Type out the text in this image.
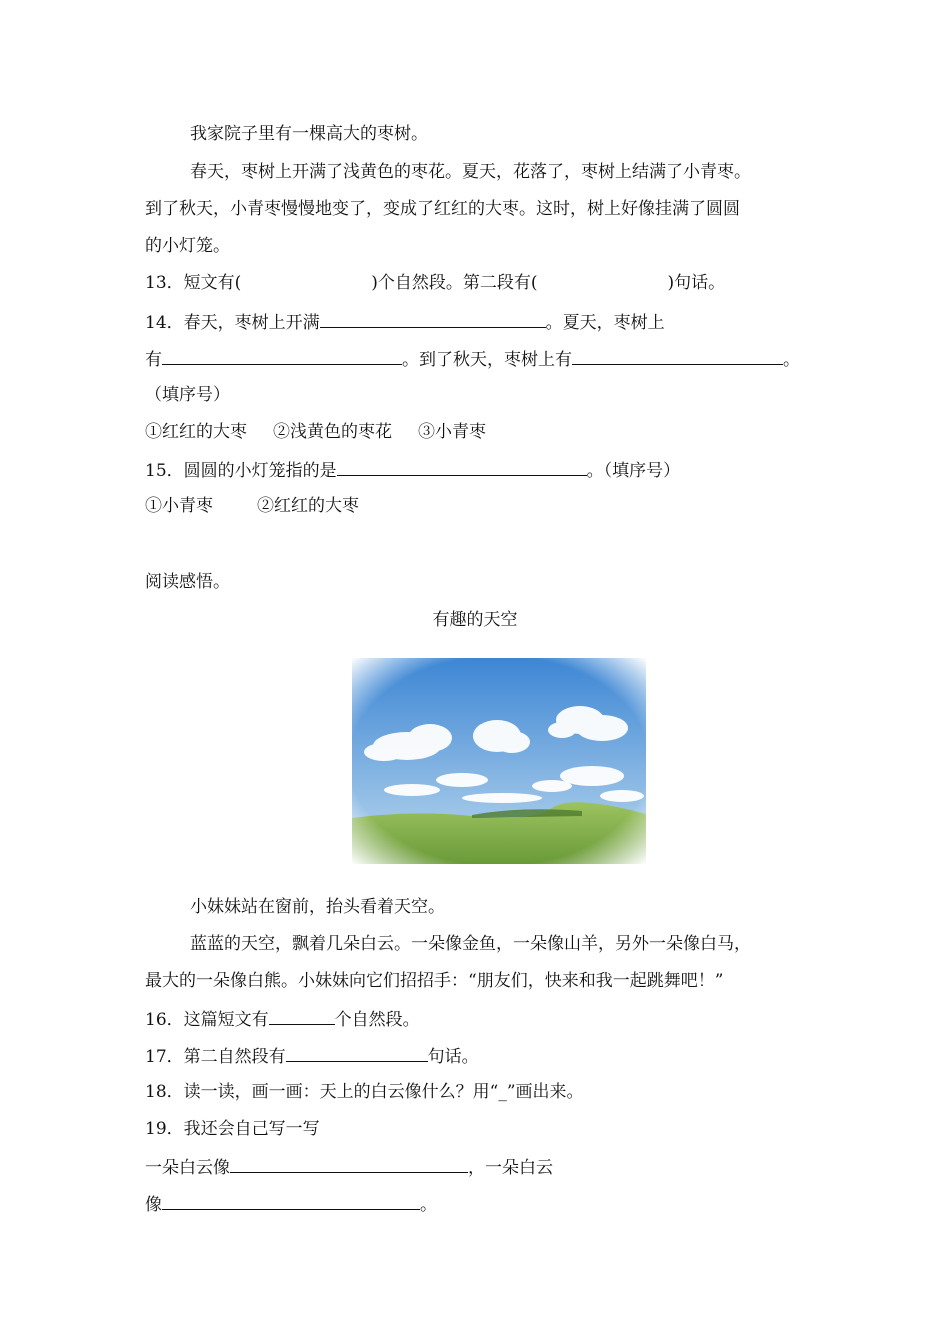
我家院子里有一棵高大的枣树。
春天，枣树上开满了浅黄色的枣花。夏天，花落了，枣树上结满了小青枣。
到了秋天，小青枣慢慢地变了，变成了红红的大枣。这时，树上好像挂满了圆圆
的小灯笼。
13．短文有(	)个自然段。第二段有(	)句话。
14．春天，枣树上开满	。夏天，枣树上
有	。到了秋天，枣树上有	。
（填序号）
①红红的大枣 ②浅黄色的枣花 ③小青枣
15．圆圆的小灯笼指的是	。（填序号）
①小青枣	②红红的大枣
阅读感悟。
有趣的天空
小妹妹站在窗前，抬头看着天空。
蓝蓝的天空，飘着几朵白云。一朵像金鱼，一朵像山羊，另外一朵像白马，
最大的一朵像白熊。小妹妹向它们招招手：“朋友们，快来和我一起跳舞吧！”
16．这篇短文有	个自然段。
17．第二自然段有	句话。
18．读一读，画一画：天上的白云像什么？用“_”画出来。
19．我还会自己写一写
一朵白云像	，一朵白云
像	。
